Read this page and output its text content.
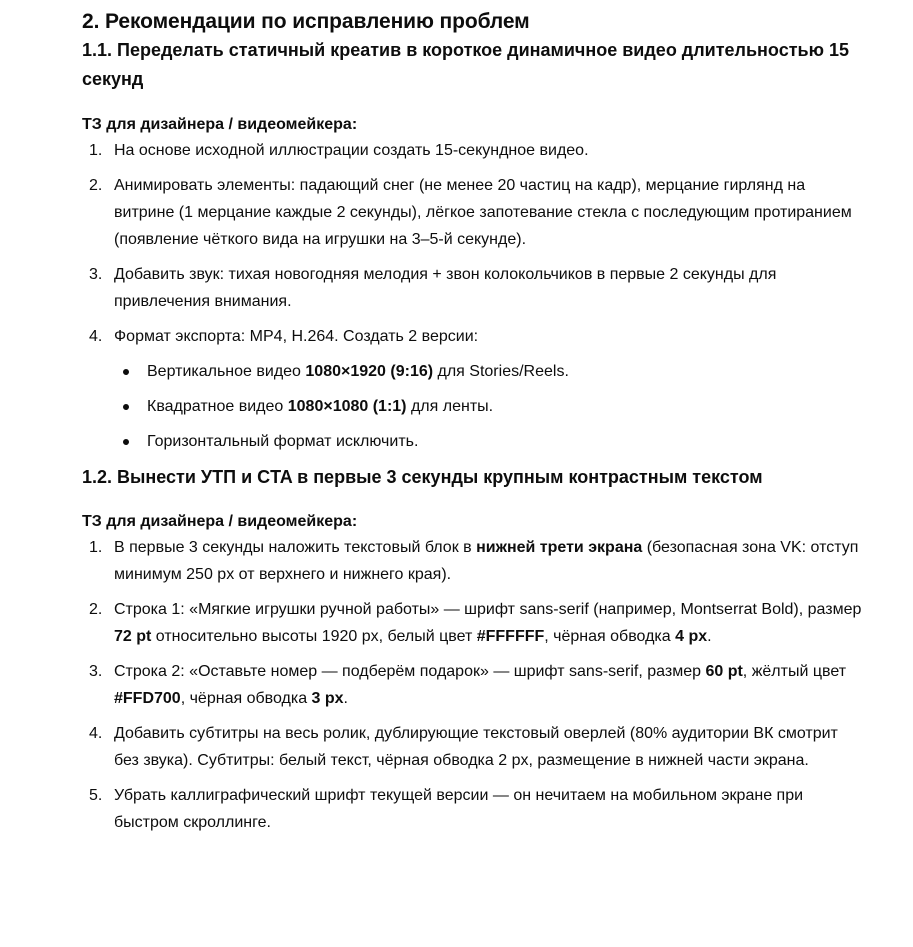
2. Рекомендации по исправлению проблем
1.1. Переделать статичный креатив в короткое динамичное видео длительностью 15 секунд

ТЗ для дизайнера / видеомейкера:

1. На основе исходной иллюстрации создать 15-секундное видео.
2. Анимировать элементы: падающий снег (не менее 20 частиц на кадр), мерцание гирлянд на витрине (1 мерцание каждые 2 секунды), лёгкое запотевание стекла с последующим протиранием (появление чёткого вида на игрушки на 3–5-й секунде).
3. Добавить звук: тихая новогодняя мелодия + звон колокольчиков в первые 2 секунды для привлечения внимания.
4. Формат экспорта: MP4, H.264. Создать 2 версии:
Вертикальное видео 1080×1920 (9:16) для Stories/Reels.
Квадратное видео 1080×1080 (1:1) для ленты.
Горизонтальный формат исключить.
1.2. Вынести УТП и CTA в первые 3 секунды крупным контрастным текстом

ТЗ для дизайнера / видеомейкера:

1. В первые 3 секунды наложить текстовый блок в нижней трети экрана (безопасная зона VK: отступ минимум 250 px от верхнего и нижнего края).
2. Строка 1: «Мягкие игрушки ручной работы» — шрифт sans-serif (например, Montserrat Bold), размер 72 pt относительно высоты 1920 px, белый цвет #FFFFFF, чёрная обводка 4 px.
3. Строка 2: «Оставьте номер — подберём подарок» — шрифт sans-serif, размер 60 pt, жёлтый цвет #FFD700, чёрная обводка 3 px.
4. Добавить субтитры на весь ролик, дублирующие текстовый оверлей (80% аудитории ВК смотрит без звука). Субтитры: белый текст, чёрная обводка 2 px, размещение в нижней части экрана.
5. Убрать каллиграфический шрифт текущей версии — он нечитаем на мобильном экране при быстром скроллинге.
